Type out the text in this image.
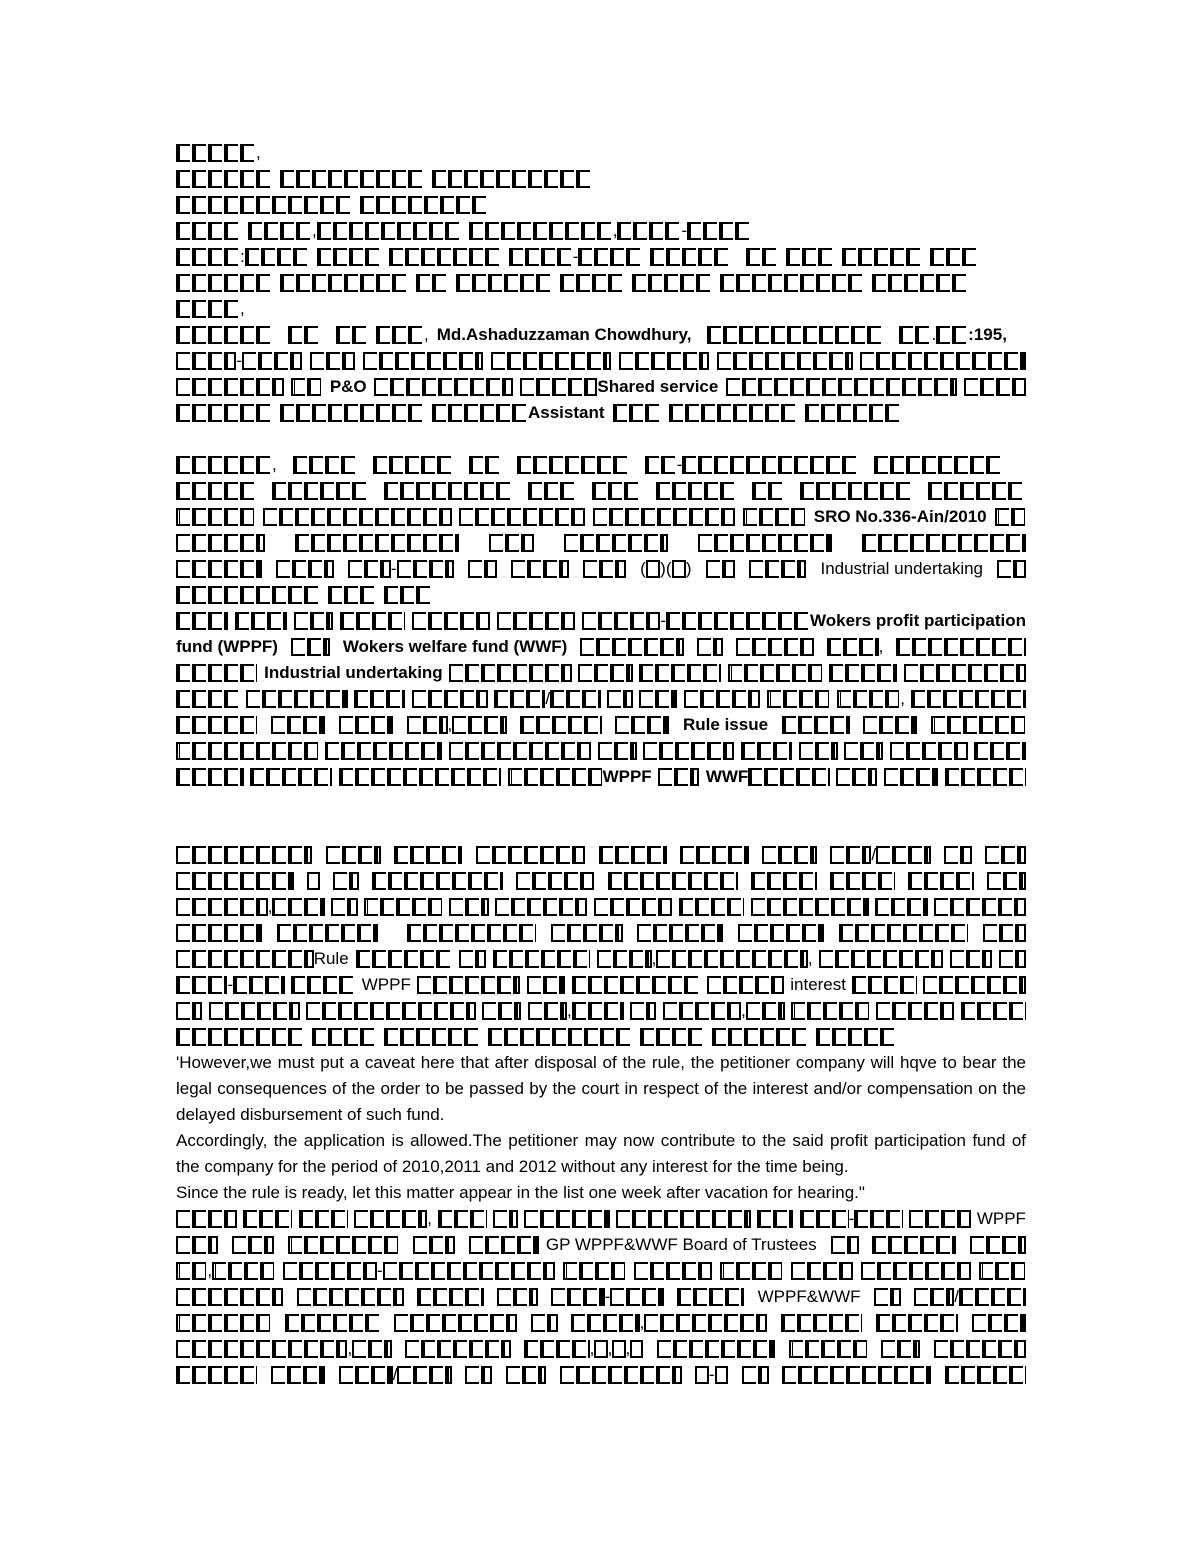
,
,	,	-
:	-
,
, Md.Ashaduzzaman Chowdhury,	. :195,
-
P&O	Shared service
Assistant
,	-
SRO No.336-Ain/2010
-	( ) ( )	Industrial undertaking
-	Wokers profit participation
fund (WPPF)	Wokers welfare fund (WWF)	,
Industrial undertaking
/	,
,	Rule issue
WPPF	WWF
/
,
Rule	,	,
-	WPPF	interest
,	,

'However,we must put a caveat here that after disposal of the rule, the petitioner company will hqve to bear the legal consequences of the order to be passed by the court in respect of the interest and/or compensation on the delayed disbursement of such fund.

Accordingly, the application is allowed.The petitioner may now contribute to the said profit participation fund of the company for the period of 2010,2011 and 2012 without any interest for the time being.

Since the rule is ready, let this matter appear in the list one week after vacation for hearing."

,	-	WPPF
GP WPPF&WWF Board of Trustees
,	-
-	WPPF&WWF	/
,
,	, , ,
/	-
